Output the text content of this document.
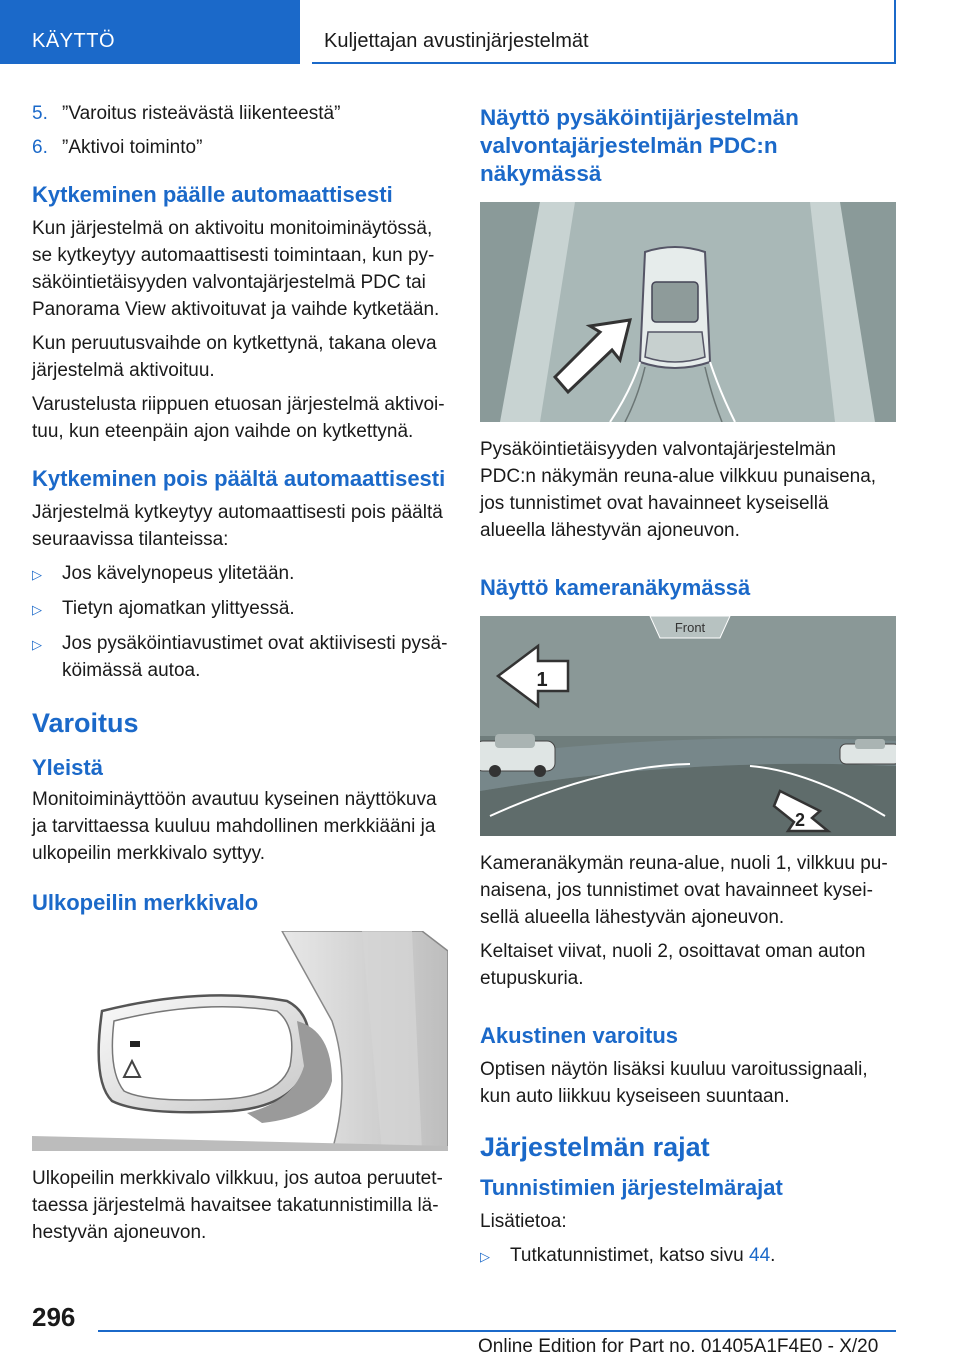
KÄYTTÖ	Kuljettajan avustinjärjestelmät
5. ”Varoitus risteävästä liikenteestä”
6. ”Aktivoi toiminto”
Kytkeminen päälle automaattisesti

Kun järjestelmä on aktivoitu monitoiminäytössä, se kytkeytyy automaattisesti toimintaan, kun pysäköintietäisyyden valvontajärjestelmä PDC tai Panorama View aktivoituvat ja vaihde kytketään.

Kun peruutusvaihde on kytkettynä, takana oleva järjestelmä aktivoituu.

Varustelusta riippuen etuosan järjestelmä aktivoituu, kun eteenpäin ajon vaihde on kytkettynä.

Kytkeminen pois päältä automaattisesti

Järjestelmä kytkeytyy automaattisesti pois päältä seuraavissa tilanteissa:

▷	Jos kävelynopeus ylitetään.
▷	Tietyn ajomatkan ylittyessä.
▷	Jos pysäköintiavustimet ovat aktiivisesti pysäköimässä autoa.
Varoitus
Yleistä

Monitoiminäyttöön avautuu kyseinen näyttökuva ja tarvittaessa kuuluu mahdollinen merkkiääni ja ulkopeilin merkkivalo syttyy.

Ulkopeilin merkkivalo

Ulkopeilin merkkivalo vilkkuu, jos autoa peruutettaessa järjestelmä havaitsee takatunnistimilla lähestyvän ajoneuvon.

Näyttö pysäköintijärjestelmän valvontajärjestelmän PDC:n näkymässä

Pysäköintietäisyyden valvontajärjestelmän PDC:n näkymän reuna-alue vilkkuu punaisena, jos tunnistimet ovat havainneet kyseisellä alueella lähestyvän ajoneuvon.

Näyttö kameranäkymässä
Front
1
2

Kameranäkymän reuna-alue, nuoli 1, vilkkuu punaisena, jos tunnistimet ovat havainneet kyseisellä alueella lähestyvän ajoneuvon.

Keltaiset viivat, nuoli 2, osoittavat oman auton etupuskuria.

Akustinen varoitus

Optisen näytön lisäksi kuuluu varoitussignaali, kun auto liikkuu kyseiseen suuntaan.

Järjestelmän rajat
Tunnistimien järjestelmärajat

Lisätietoa:

▷	Tutkatunnistimet, katso sivu 44.
296
Online Edition for Part no. 01405A1F4E0 - X/20
